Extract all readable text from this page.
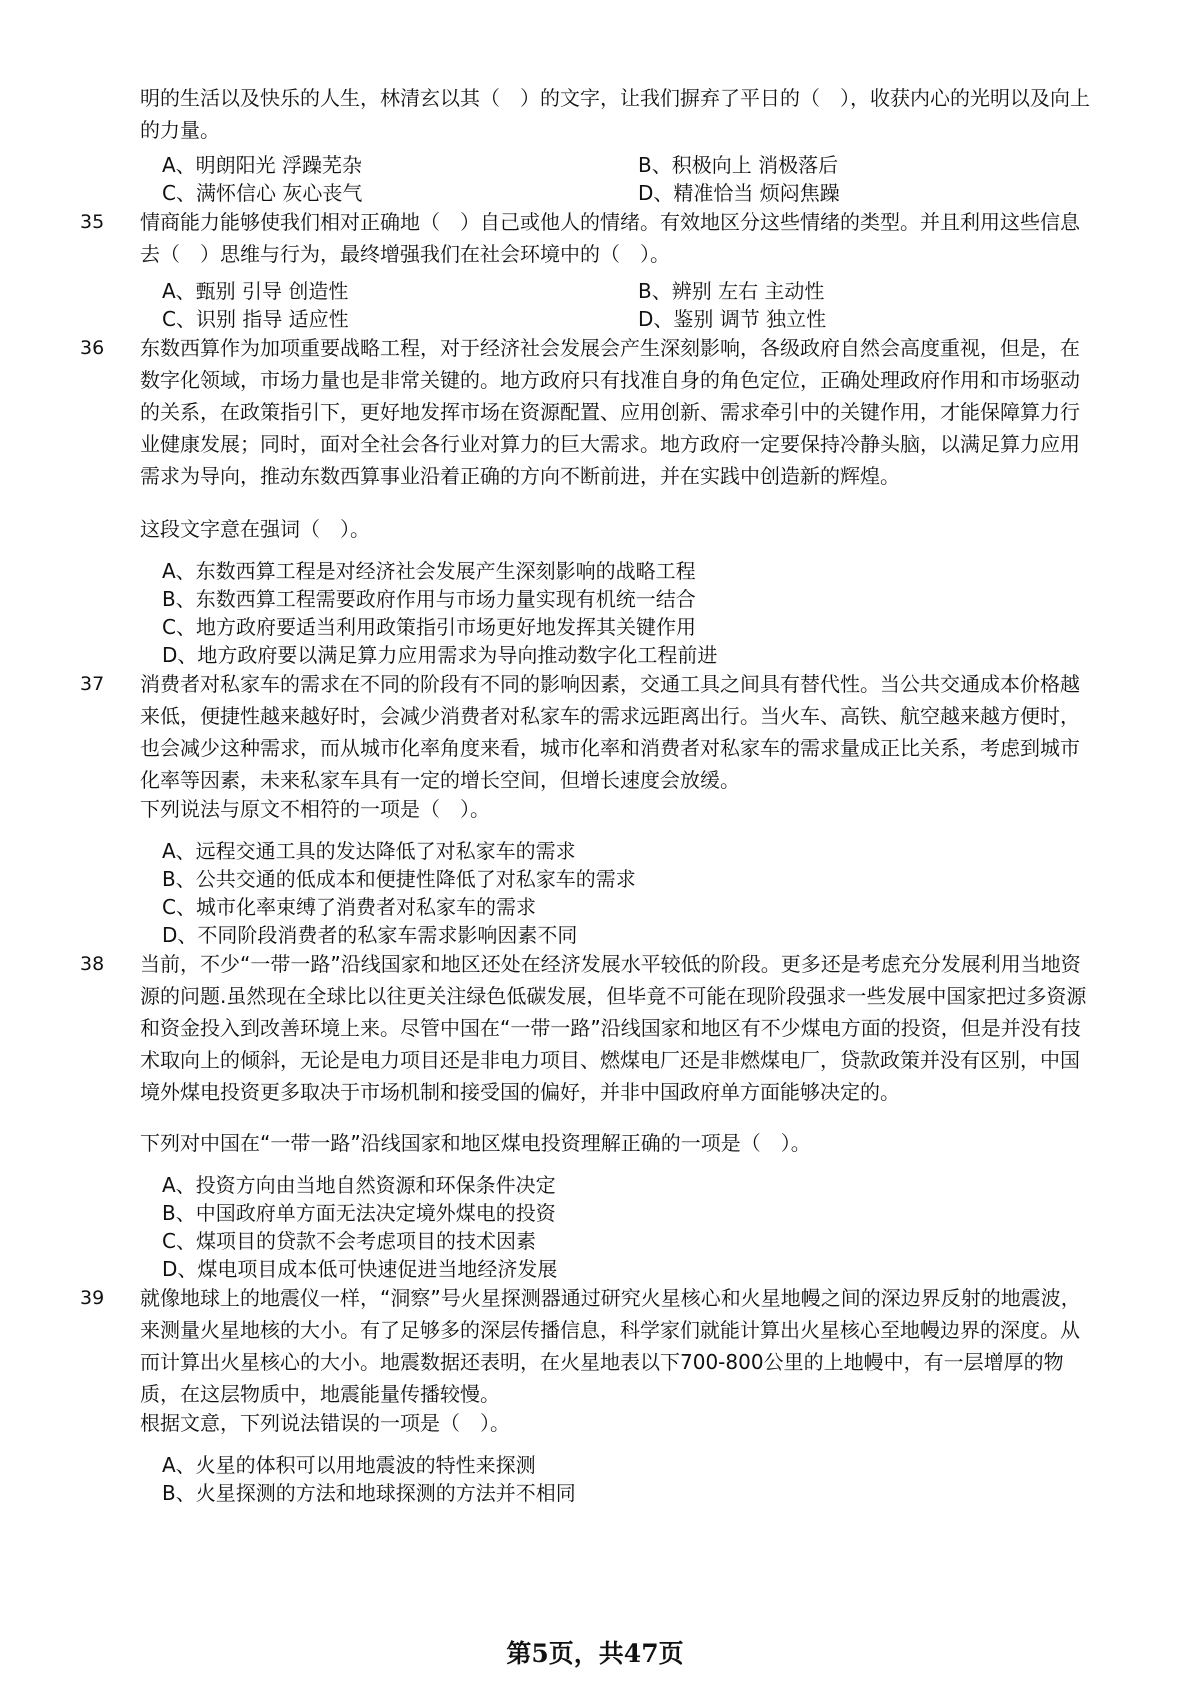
明的生活以及快乐的人生，林清玄以其（　）的文字，让我们摒弃了平日的（　），收获内心的光明以及向上的力量。
A、明朗阳光 浮躁芜杂	B、积极向上 消极落后
C、满怀信心 灰心丧气	D、精准恰当 烦闷焦躁
35 情商能力能够使我们相对正确地（　）自己或他人的情绪。有效地区分这些情绪的类型。并且利用这些信息去（　）思维与行为，最终增强我们在社会环境中的（　）。
A、甄别 引导 创造性	B、辨别 左右 主动性
C、识别 指导 适应性	D、鉴别 调节 独立性
36 东数西算作为加项重要战略工程，对于经济社会发展会产生深刻影响，各级政府自然会高度重视，但是，在数字化领域，市场力量也是非常关键的。地方政府只有找准自身的角色定位，正确处理政府作用和市场驱动的关系，在政策指引下，更好地发挥市场在资源配置、应用创新、需求牵引中的关键作用，才能保障算力行业健康发展；同时，面对全社会各行业对算力的巨大需求。地方政府一定要保持冷静头脑，以满足算力应用需求为导向，推动东数西算事业沿着正确的方向不断前进，并在实践中创造新的辉煌。
这段文字意在强词（　）。
A、东数西算工程是对经济社会发展产生深刻影响的战略工程
B、东数西算工程需要政府作用与市场力量实现有机统一结合
C、地方政府要适当利用政策指引市场更好地发挥其关键作用
D、地方政府要以满足算力应用需求为导向推动数字化工程前进
37 消费者对私家车的需求在不同的阶段有不同的影响因素，交通工具之间具有替代性。当公共交通成本价格越来低，便捷性越来越好时，会减少消费者对私家车的需求远距离出行。当火车、高铁、航空越来越方便时，也会减少这种需求，而从城市化率角度来看，城市化率和消费者对私家车的需求量成正比关系，考虑到城市化率等因素，未来私家车具有一定的增长空间，但增长速度会放缓。
下列说法与原文不相符的一项是（　）。
A、远程交通工具的发达降低了对私家车的需求
B、公共交通的低成本和便捷性降低了对私家车的需求
C、城市化率束缚了消费者对私家车的需求
D、不同阶段消费者的私家车需求影响因素不同
38 当前，不少“一带一路”沿线国家和地区还处在经济发展水平较低的阶段。更多还是考虑充分发展利用当地资源的问题.虽然现在全球比以往更关注绿色低碳发展，但毕竟不可能在现阶段强求一些发展中国家把过多资源和资金投入到改善环境上来。尽管中国在“一带一路”沿线国家和地区有不少煤电方面的投资，但是并没有技术取向上的倾斜，无论是电力项目还是非电力项目、燃煤电厂还是非燃煤电厂，贷款政策并没有区别，中国境外煤电投资更多取决于市场机制和接受国的偏好，并非中国政府单方面能够决定的。
下列对中国在“一带一路”沿线国家和地区煤电投资理解正确的一项是（　）。
A、投资方向由当地自然资源和环保条件决定
B、中国政府单方面无法决定境外煤电的投资
C、煤项目的贷款不会考虑项目的技术因素
D、煤电项目成本低可快速促进当地经济发展
39 就像地球上的地震仪一样，“洞察”号火星探测器通过研究火星核心和火星地幔之间的深边界反射的地震波，来测量火星地核的大小。有了足够多的深层传播信息，科学家们就能计算出火星核心至地幔边界的深度。从而计算出火星核心的大小。地震数据还表明，在火星地表以下700-800公里的上地幔中，有一层增厚的物质，在这层物质中，地震能量传播较慢。
根据文意，下列说法错误的一项是（　）。
A、火星的体积可以用地震波的特性来探测
B、火星探测的方法和地球探测的方法并不相同
第5页，共47页
